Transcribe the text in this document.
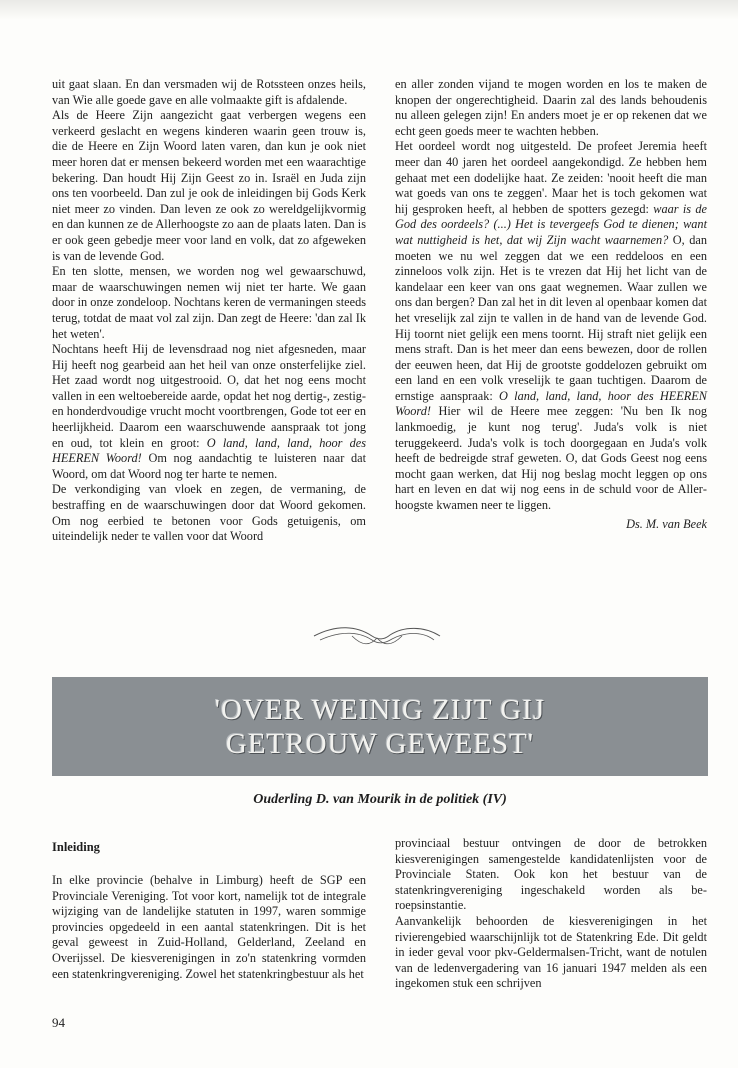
uit gaat slaan. En dan versmaden wij de Rotssteen onzes heils, van Wie alle goede gave en alle volmaakte gift is afdalende.

Als de Heere Zijn aangezicht gaat verbergen wegens een verkeerd geslacht en wegens kinderen waarin geen trouw is, die de Heere en Zijn Woord laten varen, dan kun je ook niet meer horen dat er mensen bekeerd worden met een waarachtige bekering. Dan houdt Hij Zijn Geest zo in. Israël en Juda zijn ons ten voorbeeld. Dan zul je ook de inleidingen bij Gods Kerk niet meer zo vinden. Dan leven ze ook zo wereldgelijkvormig en dan kunnen ze de Allerhoogste zo aan de plaats laten. Dan is er ook geen gebedje meer voor land en volk, dat zo afgeweken is van de levende God.

En ten slotte, mensen, we worden nog wel gewaarschuwd, maar de waarschuwingen nemen wij niet ter harte. We gaan door in onze zondeloop. Nochtans keren de vermaningen steeds terug, totdat de maat vol zal zijn. Dan zegt de Heere: 'dan zal Ik het weten'.

Nochtans heeft Hij de levensdraad nog niet afgesneden, maar Hij heeft nog gearbeid aan het heil van onze onsterfelijke ziel. Het zaad wordt nog uitgestrooid. O, dat het nog eens mocht vallen in een weltoebereide aarde, opdat het nog dertig-, zestig- en honderdvoudige vrucht mocht voortbrengen, Gode tot eer en heerlijkheid. Daarom een waarschuwende aanspraak tot jong en oud, tot klein en groot: O land, land, land, hoor des HEEREN Woord! Om nog aandachtig te luisteren naar dat Woord, om dat Woord nog ter harte te nemen.

De verkondiging van vloek en zegen, de vermaning, de bestraffing en de waarschuwingen door dat Woord gekomen. Om nog eerbied te betonen voor Gods getuigenis, om uiteindelijk neder te vallen voor dat Woord

en aller zonden vijand te mogen worden en los te maken de knopen der ongerechtigheid. Daarin zal des lands behoudenis nu alleen gelegen zijn! En anders moet je er op rekenen dat we echt geen goeds meer te wachten hebben.

Het oordeel wordt nog uitgesteld. De profeet Jeremia heeft meer dan 40 jaren het oordeel aangekondigd. Ze hebben hem gehaat met een dodelijke haat. Ze zeiden: 'nooit heeft die man wat goeds van ons te zeggen'. Maar het is toch gekomen wat hij gesproken heeft, al hebben de spotters gezegd: waar is de God des oordeels? (...) Het is tevergeefs God te dienen; want wat nuttigheid is het, dat wij Zijn wacht waarnemen? O, dan moeten we nu wel zeggen dat we een reddeloos en een zinneloos volk zijn. Het is te vrezen dat Hij het licht van de kandelaar een keer van ons gaat wegnemen. Waar zullen we ons dan bergen? Dan zal het in dit leven al openbaar komen dat het vreselijk zal zijn te vallen in de hand van de levende God. Hij toornt niet gelijk een mens toornt. Hij straft niet gelijk een mens straft. Dan is het meer dan eens bewezen, door de rollen der eeuwen heen, dat Hij de grootste goddelozen gebruikt om een land en een volk vreselijk te gaan tuchtigen. Daarom de ernstige aanspraak: O land, land, land, hoor des HEEREN Woord! Hier wil de Heere mee zeggen: 'Nu ben Ik nog lankmoedig, je kunt nog terug'. Juda's volk is niet teruggekeerd. Juda's volk is toch doorgegaan en Juda's volk heeft de bedreigde straf geweten. O, dat Gods Geest nog eens mocht gaan werken, dat Hij nog beslag mocht leggen op ons hart en leven en dat wij nog eens in de schuld voor de Allerhoogste kwamen neer te liggen.

Ds. M. van Beek

'OVER WEINIG ZIJT GIJ
GETROUW GEWEEST'
Ouderling D. van Mourik in de politiek (IV)
Inleiding

In elke provincie (behalve in Limburg) heeft de SGP een Provinciale Vereniging. Tot voor kort, namelijk tot de integrale wijziging van de landelijke statuten in 1997, waren sommige provincies opgedeeld in een aantal statenkringen. Dit is het geval geweest in Zuid-Holland, Gelderland, Zeeland en Overijssel. De kiesverenigingen in zo'n statenkring vormden een statenkringvereniging. Zowel het statenkringbestuur als het

provinciaal bestuur ontvingen de door de betrokken kiesverenigingen samengestelde kandidatenlijsten voor de Provinciale Staten. Ook kon het bestuur van de statenkringvereniging ingeschakeld worden als beroepsinstantie.

Aanvankelijk behoorden de kiesverenigingen in het rivierengebied waarschijnlijk tot de Statenkring Ede. Dit geldt in ieder geval voor pkv-Geldermalsen-Tricht, want de notulen van de ledenvergadering van 16 januari 1947 melden als een ingekomen stuk een schrijven

94
